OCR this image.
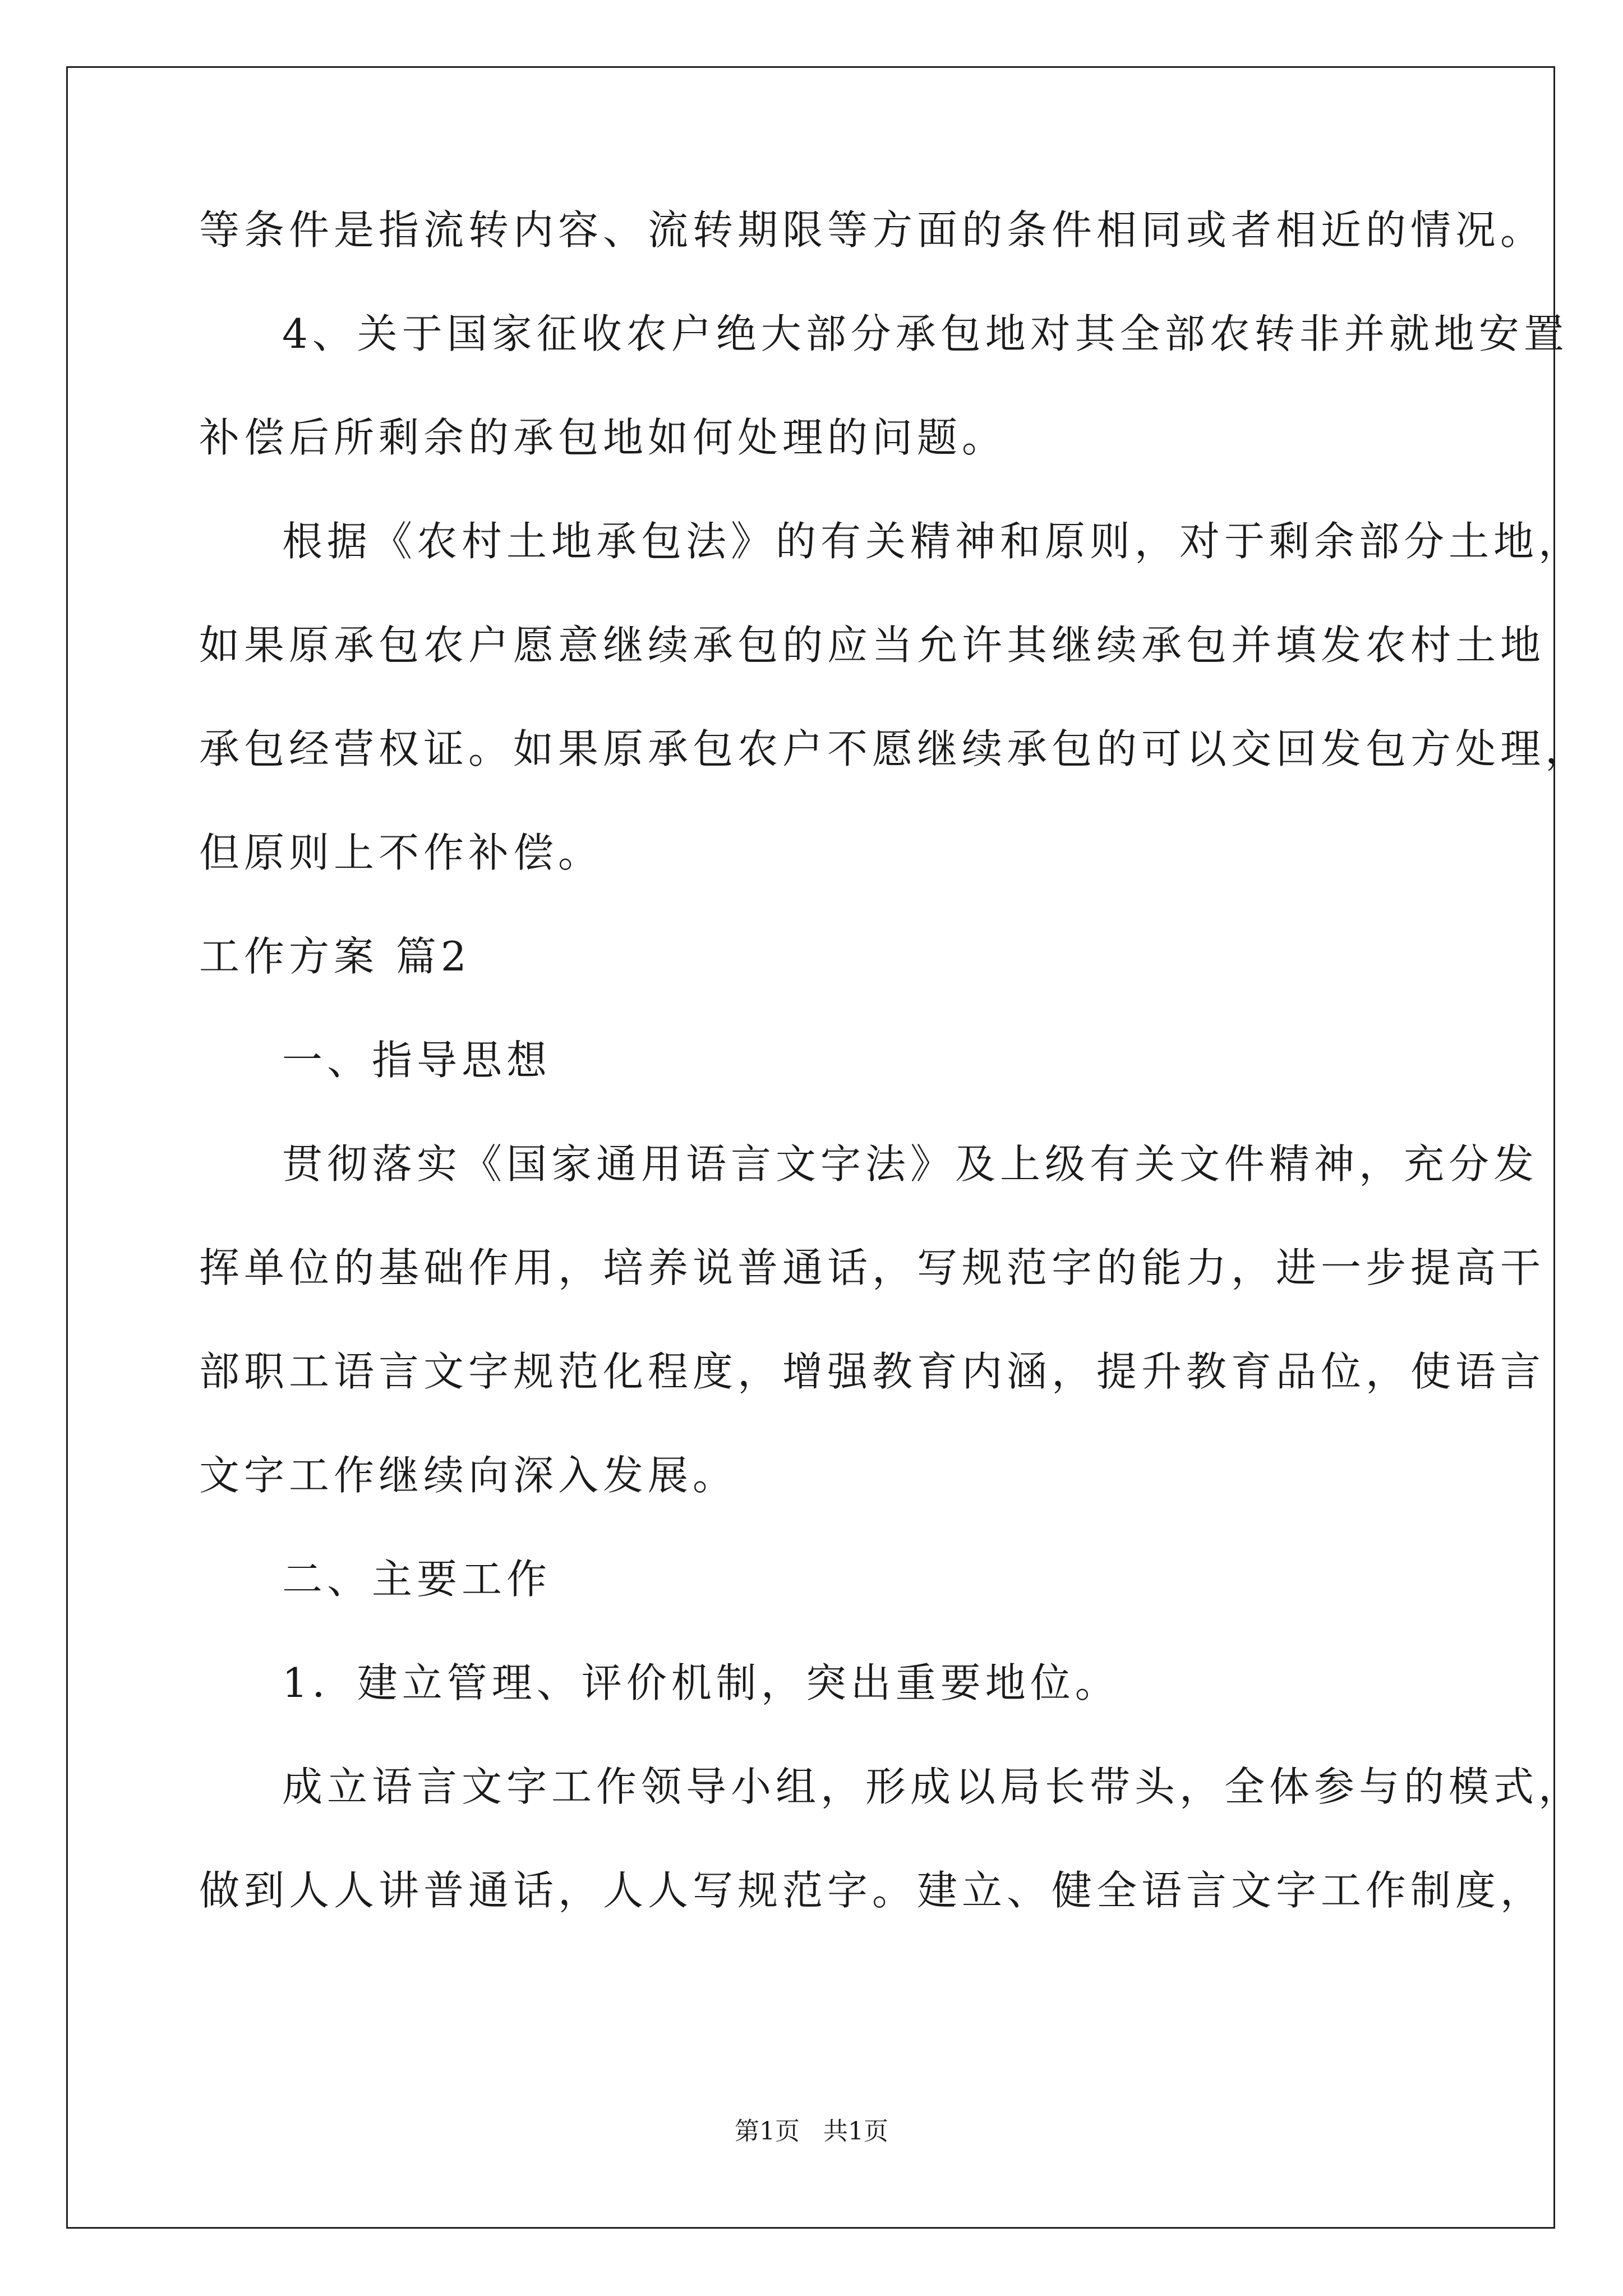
等条件是指流转内容、流转期限等方面的条件相同或者相近的情况。
4、关于国家征收农户绝大部分承包地对其全部农转非并就地安置
补偿后所剩余的承包地如何处理的问题。
根据《农村土地承包法》的有关精神和原则，对于剩余部分土地，
如果原承包农户愿意继续承包的应当允许其继续承包并填发农村土地
承包经营权证。如果原承包农户不愿继续承包的可以交回发包方处理，
但原则上不作补偿。
工作方案 篇2
一、指导思想
贯彻落实《国家通用语言文字法》及上级有关文件精神，充分发
挥单位的基础作用，培养说普通话，写规范字的能力，进一步提高干
部职工语言文字规范化程度，增强教育内涵，提升教育品位，使语言
文字工作继续向深入发展。
二、主要工作
1．建立管理、评价机制，突出重要地位。
成立语言文字工作领导小组，形成以局长带头，全体参与的模式，
做到人人讲普通话，人人写规范字。建立、健全语言文字工作制度，
第1页   共1页
